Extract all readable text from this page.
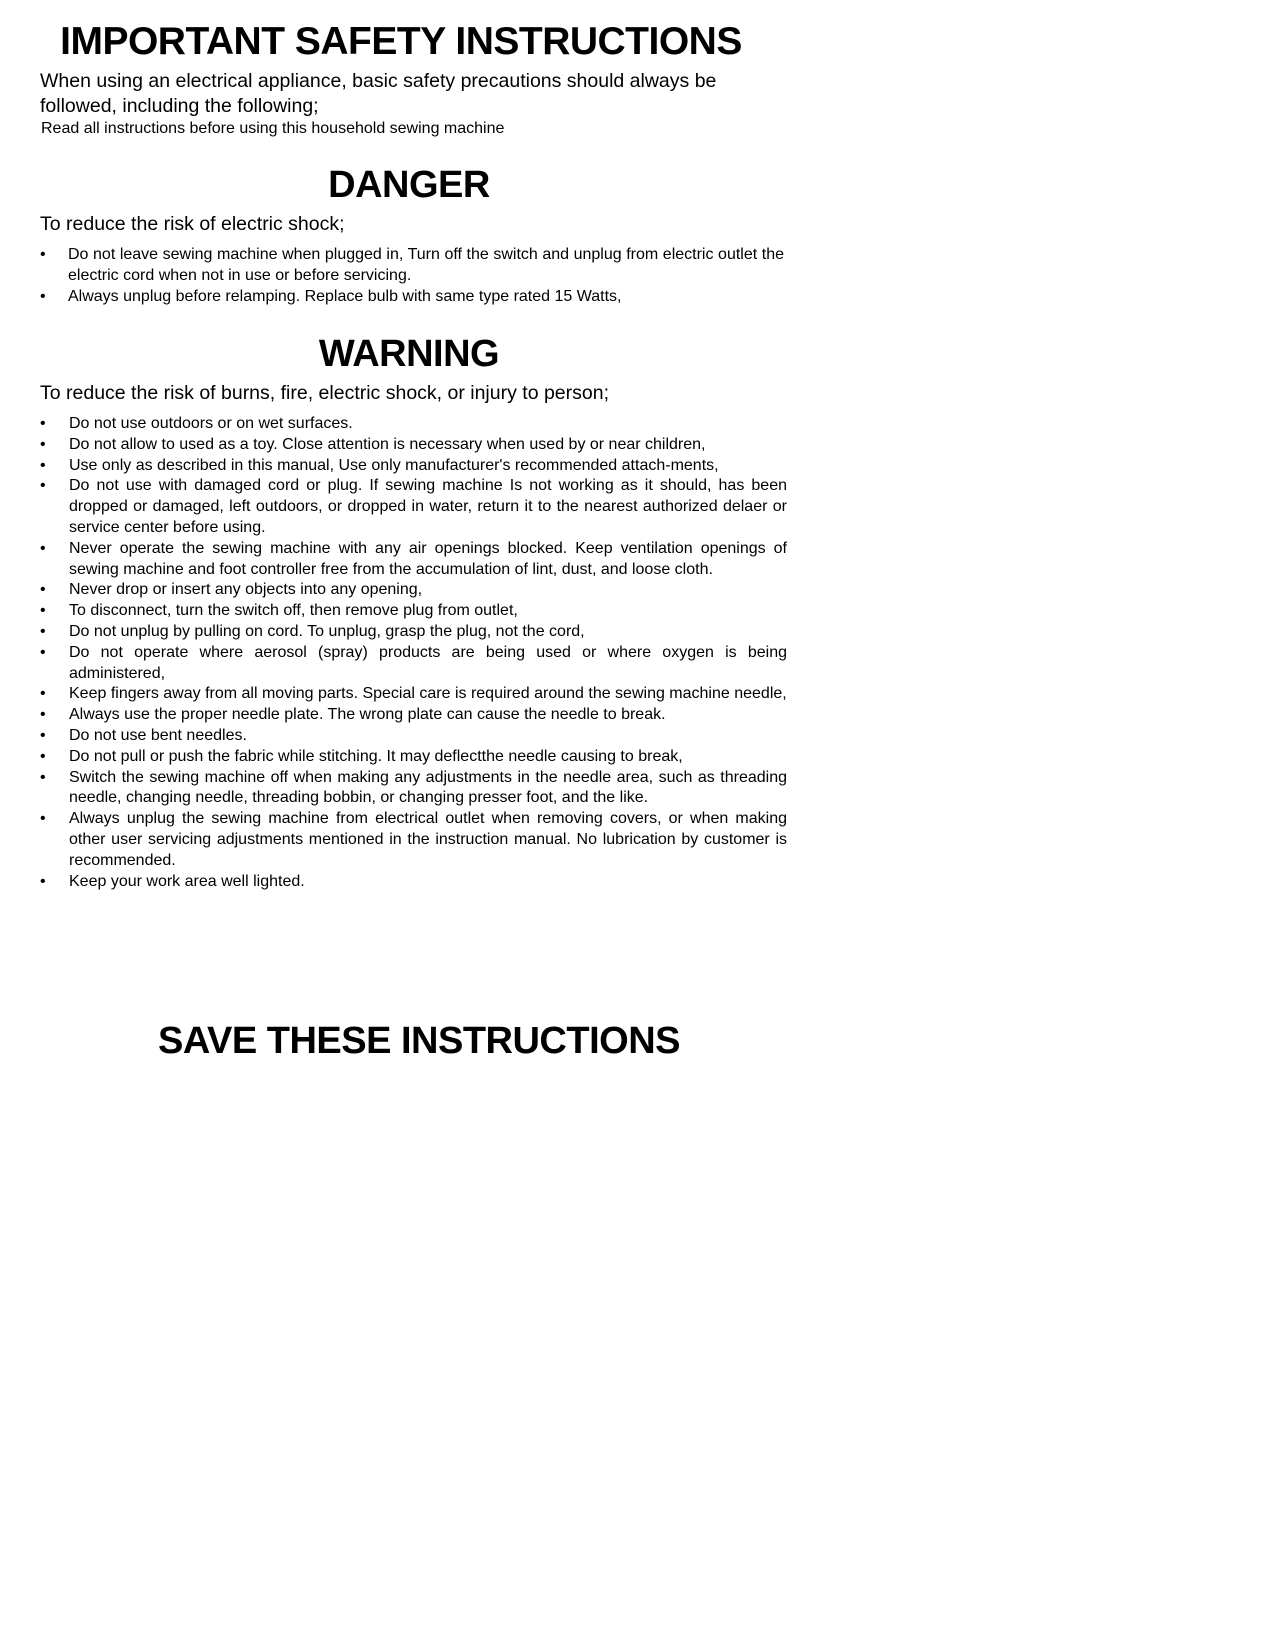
IMPORTANT SAFETY INSTRUCTIONS

When using an electrical appliance, basic safety precautions should always be followed, including the following;

Read all instructions before using this household sewing machine

DANGER

To reduce the risk of electric shock;

• Do not leave sewing machine when plugged in, Turn off the switch and unplug from electric outlet the electric cord when not in use or before servicing.
• Always unplug before relamping. Replace bulb with same type rated 15 Watts,
WARNING

To reduce the risk of burns, fire, electric shock, or injury to person;

• Do not use outdoors or on wet surfaces.
• Do not allow to used as a toy. Close attention is necessary when used by or near children,
• Use only as described in this manual, Use only manufacturer's recommended attach-ments,
• Do not use with damaged cord or plug. If sewing machine Is not working as it should, has been dropped or damaged, left outdoors, or dropped in water, return it to the nearest authorized delaer or service center before using.
• Never operate the sewing machine with any air openings blocked. Keep ventilation openings of sewing machine and foot controller free from the accumulation of lint, dust, and loose cloth.
• Never drop or insert any objects into any opening,
• To disconnect, turn the switch off, then remove plug from outlet,
• Do not unplug by pulling on cord. To unplug, grasp the plug, not the cord,
• Do not operate where aerosol (spray) products are being used or where oxygen is being administered,
• Keep fingers away from all moving parts. Special care is required around the sewing machine needle,
• Always use the proper needle plate. The wrong plate can cause the needle to break.
• Do not use bent needles.
• Do not pull or push the fabric while stitching. It may deflectthe needle causing to break,
• Switch the sewing machine off when making any adjustments in the needle area, such as threading needle, changing needle, threading bobbin, or changing presser foot, and the like.
• Always unplug the sewing machine from electrical outlet when removing covers, or when making other user servicing adjustments mentioned in the instruction manual. No lubrication by customer is recommended.
• Keep your work area well lighted.
SAVE THESE INSTRUCTIONS
